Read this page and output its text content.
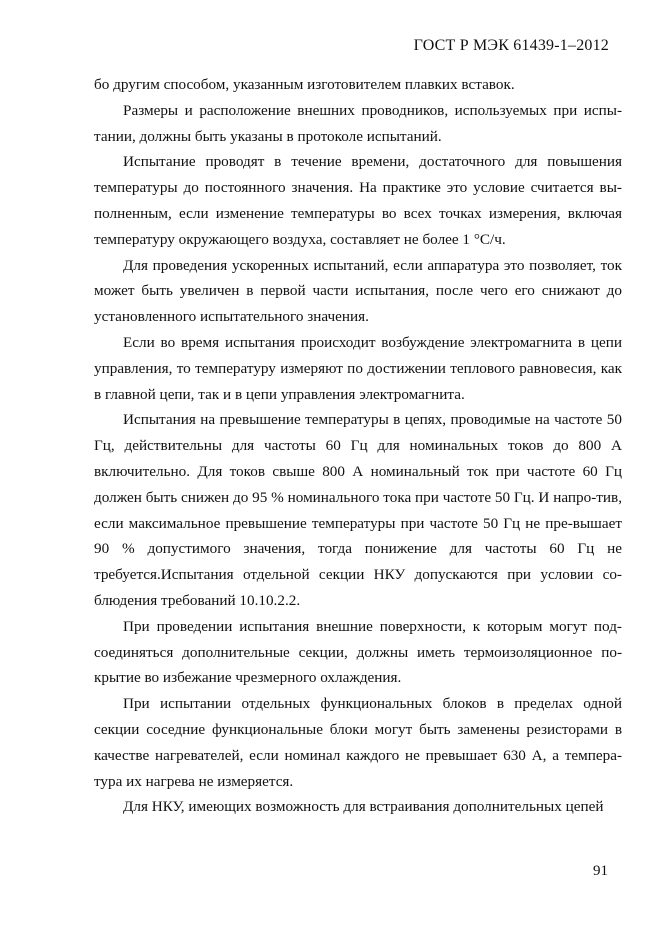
ГОСТ Р МЭК 61439-1–2012

бо другим способом, указанным изготовителем плавких вставок.

Размеры и расположение внешних проводников, используемых при испы-тании, должны быть указаны в протоколе испытаний.

Испытание проводят в течение времени, достаточного для повышения температуры до постоянного значения. На практике это условие считается вы-полненным, если изменение температуры во всех точках измерения, включая температуру окружающего воздуха, составляет не более 1 °С/ч.

Для проведения ускоренных испытаний, если аппаратура это позволяет, ток может быть увеличен в первой части испытания, после чего его снижают до установленного испытательного значения.

Если во время испытания происходит возбуждение электромагнита в цепи управления, то температуру измеряют по достижении теплового равновесия, как в главной цепи, так и в цепи управления электромагнита.

Испытания на превышение температуры в цепях, проводимые на частоте 50 Гц, действительны для частоты 60 Гц для номинальных токов до 800 А включительно. Для токов свыше 800 А номинальный ток при частоте 60 Гц должен быть снижен до 95 % номинального тока при частоте 50 Гц. И напро-тив, если максимальное превышение температуры при частоте 50 Гц не пре-вышает 90 % допустимого значения, тогда понижение для частоты 60 Гц не требуется.Испытания отдельной секции НКУ допускаются при условии со-блюдения требований 10.10.2.2.

При проведении испытания внешние поверхности, к которым могут под-соединяться дополнительные секции, должны иметь термоизоляционное по-крытие во избежание чрезмерного охлаждения.

При испытании отдельных функциональных блоков в пределах одной секции соседние функциональные блоки могут быть заменены резисторами в качестве нагревателей, если номинал каждого не превышает 630 А, а темпера-тура их нагрева не измеряется.

Для НКУ, имеющих возможность для встраивания дополнительных цепей

91
